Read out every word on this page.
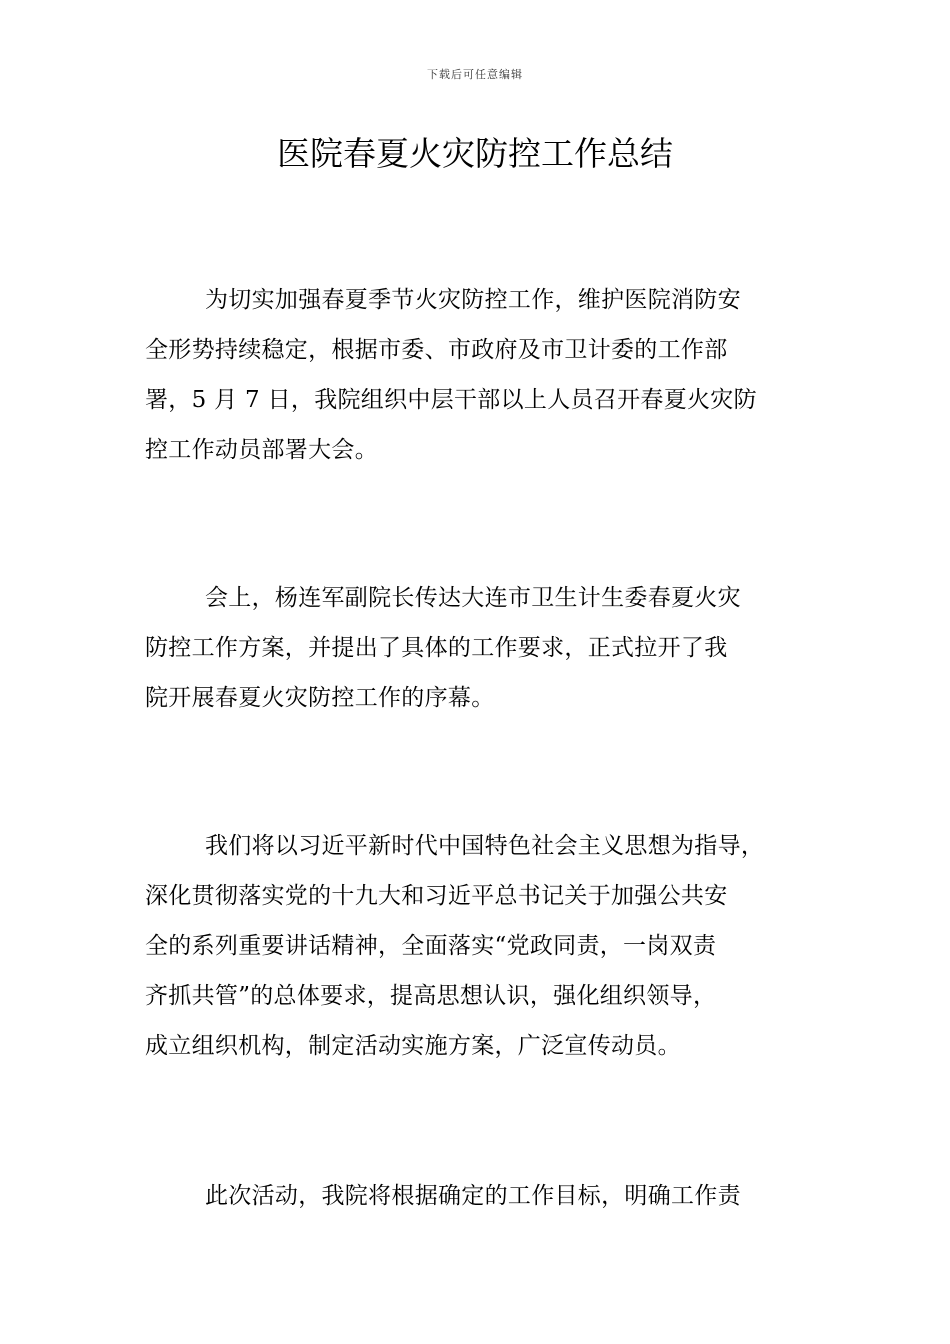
下载后可任意编辑
医院春夏火灾防控工作总结
为切实加强春夏季节火灾防控工作，维护医院消防安
全形势持续稳定，根据市委、市政府及市卫计委的工作部
署，5 月 7 日，我院组织中层干部以上人员召开春夏火灾防
控工作动员部署大会。
会上，杨连军副院长传达大连市卫生计生委春夏火灾
防控工作方案，并提出了具体的工作要求，正式拉开了我
院开展春夏火灾防控工作的序幕。
我们将以习近平新时代中国特色社会主义思想为指导，
深化贯彻落实党的十九大和习近平总书记关于加强公共安
全的系列重要讲话精神，全面落实“党政同责，一岗双责
齐抓共管”的总体要求，提高思想认识，强化组织领导，
成立组织机构，制定活动实施方案，广泛宣传动员。
此次活动，我院将根据确定的工作目标，明确工作责
